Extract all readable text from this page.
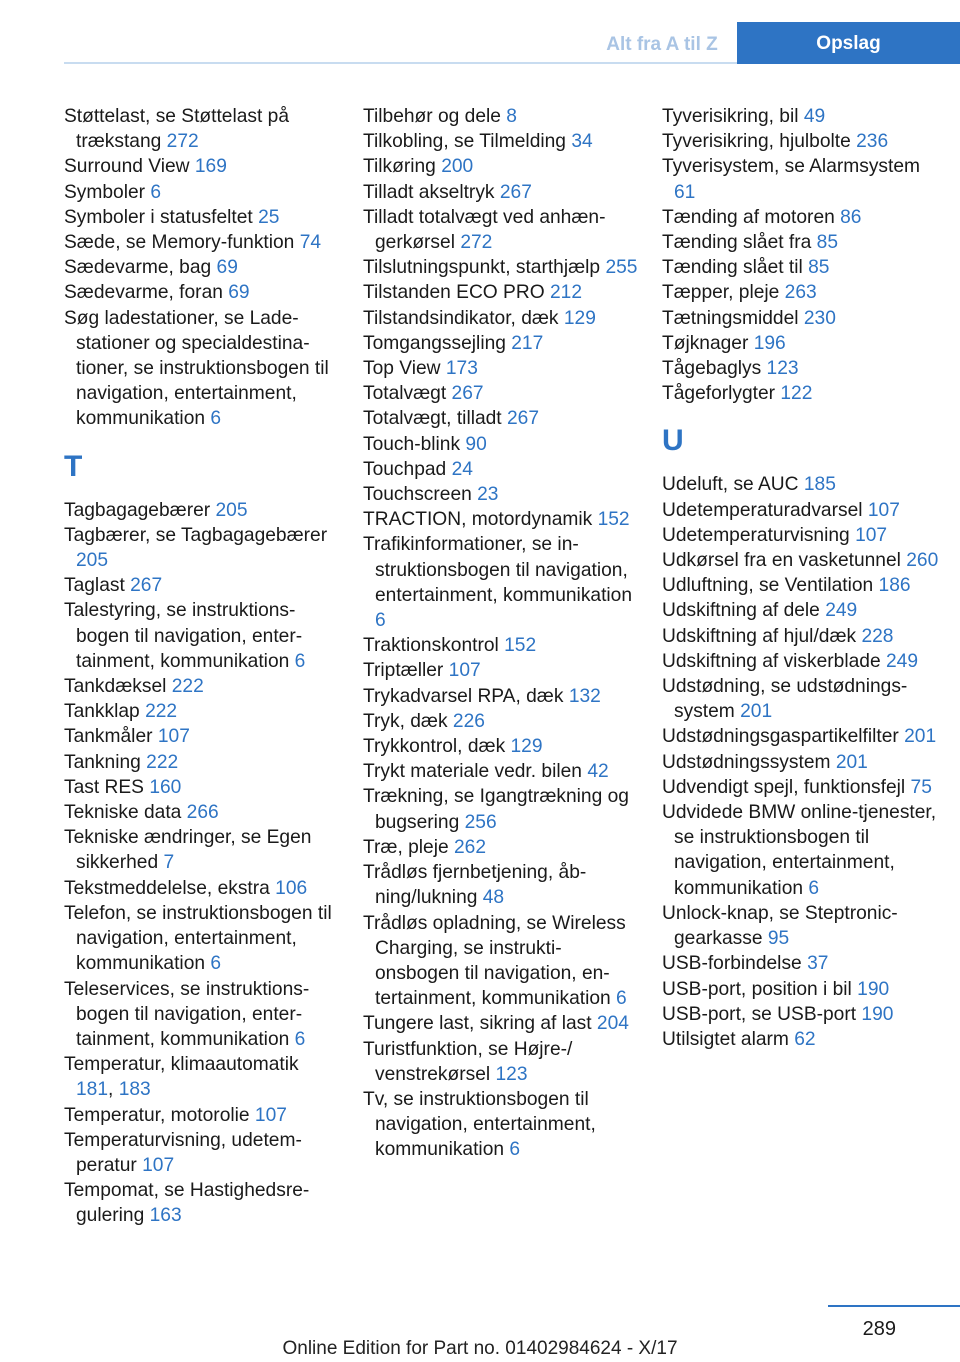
Alt fra A til Z	Opslag
Støttelast, se Støttelast på trækstang 272
Surround View 169
Symboler 6
Symboler i statusfeltet 25
Sæde, se Memory-funktion 74
Sædevarme, bag 69
Sædevarme, foran 69
Søg ladestationer, se Ladestationer og specialdestinationer, se instruktionsbogen til navigation, entertainment, kommunikation 6
T
Tagbagagebærer 205
Tagbærer, se Tagbagagebærer 205
Taglast 267
Talestyring, se instruktionsbogen til navigation, entertainment, kommunikation 6
Tankdæksel 222
Tankklap 222
Tankmåler 107
Tankning 222
Tast RES 160
Tekniske data 266
Tekniske ændringer, se Egen sikkerhed 7
Tekstmeddelelse, ekstra 106
Telefon, se instruktionsbogen til navigation, entertainment, kommunikation 6
Teleservices, se instruktionsbogen til navigation, entertainment, kommunikation 6
Temperatur, klimaautomatik 181, 183
Temperatur, motorolie 107
Temperaturvisning, udetemperatur 107
Tempomat, se Hastighedsregulering 163
Tilbehør og dele 8
Tilkobling, se Tilmelding 34
Tilkøring 200
Tilladt akseltryk 267
Tilladt totalvægt ved anhængerkørsel 272
Tilslutningspunkt, starthjælp 255
Tilstanden ECO PRO 212
Tilstandsindikator, dæk 129
Tomgangssejling 217
Top View 173
Totalvægt 267
Totalvægt, tilladt 267
Touch-blink 90
Touchpad 24
Touchscreen 23
TRACTION, motordynamik 152
Trafikinformationer, se instruktionsbogen til navigation, entertainment, kommunikation 6
Traktionskontrol 152
Triptæller 107
Trykadvarsel RPA, dæk 132
Tryk, dæk 226
Trykkontrol, dæk 129
Trykt materiale vedr. bilen 42
Trækning, se Igangtrækning og bugsering 256
Træ, pleje 262
Trådløs fjernbetjening, åbning/lukning 48
Trådløs opladning, se Wireless Charging, se instruktionsbogen til navigation, entertainment, kommunikation 6
Tungere last, sikring af last 204
Turistfunktion, se Højre-/ venstrekørsel 123
Tv, se instruktionsbogen til navigation, entertainment, kommunikation 6
Tyverisikring, bil 49
Tyverisikring, hjulbolte 236
Tyverisystem, se Alarmsystem 61
Tænding af motoren 86
Tænding slået fra 85
Tænding slået til 85
Tæpper, pleje 263
Tætningsmiddel 230
Tøjknager 196
Tågebaglys 123
Tågeforlygter 122
U
Udeluft, se AUC 185
Udetemperaturadvarsel 107
Udetemperaturvisning 107
Udkørsel fra en vasketunnel 260
Udluftning, se Ventilation 186
Udskiftning af dele 249
Udskiftning af hjul/dæk 228
Udskiftning af viskerblade 249
Udstødning, se udstødningssystem 201
Udstødningsgaspartikelfilter 201
Udstødningssystem 201
Udvendigt spejl, funktionsfejl 75
Udvidede BMW online-tjenester, se instruktionsbogen til navigation, entertainment, kommunikation 6
Unlock-knap, se Steptronic-gearkasse 95
USB-forbindelse 37
USB-port, position i bil 190
USB-port, se USB-port 190
Utilsigtet alarm 62
289
Online Edition for Part no. 01402984624 - X/17
